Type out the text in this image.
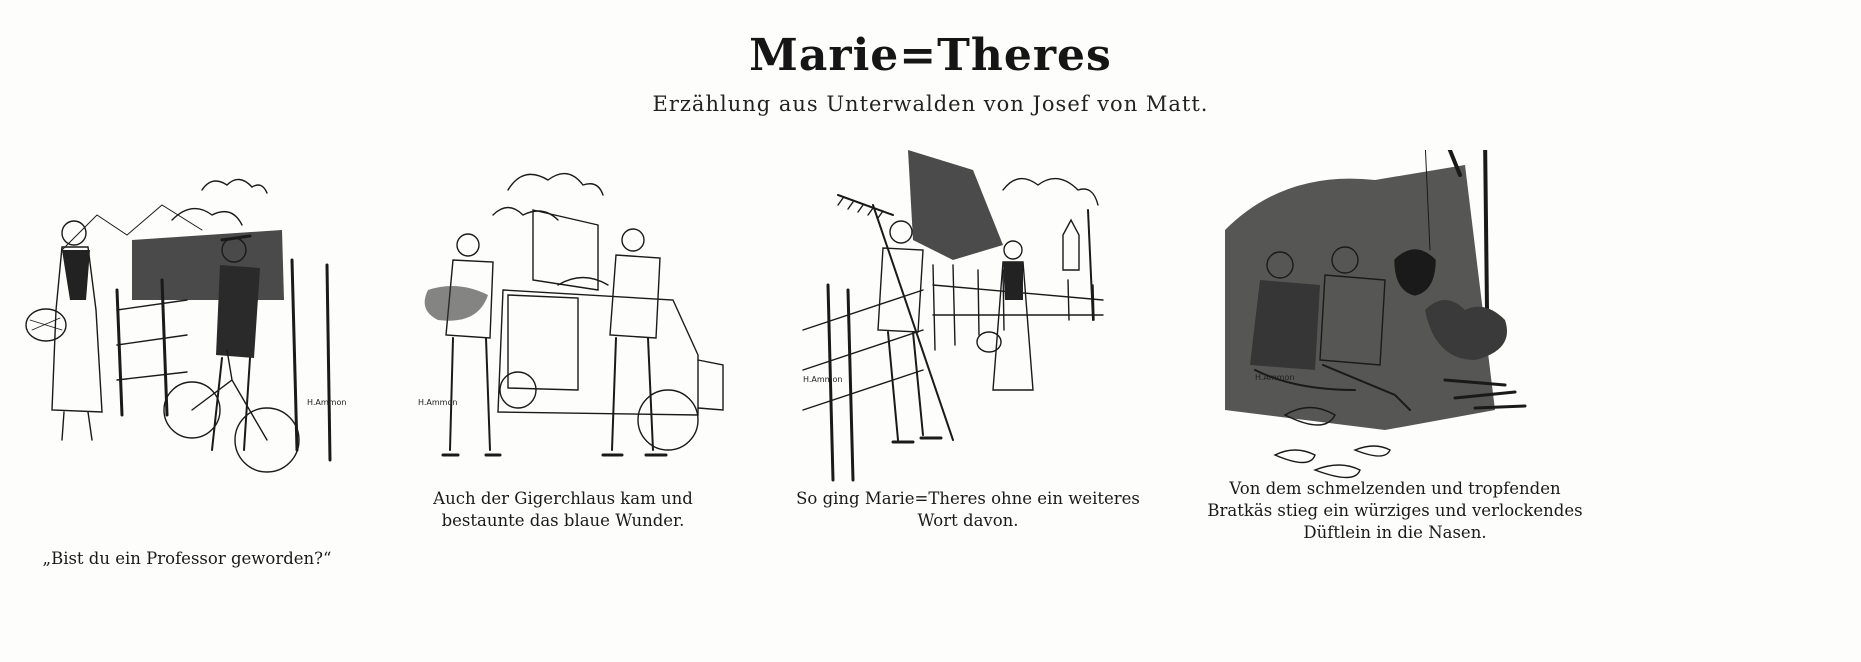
Marie=Theres
Erzählung aus Unterwalden von Josef von Matt.
H.Ammon
„Bist du ein Professor geworden?“
H.Ammon
Auch der Gigerchlaus kam und bestaunte das blaue Wunder.
H.Ammon
So ging Marie=Theres ohne ein weiteres Wort davon.
H.Ammon
Von dem schmelzenden und tropfenden Bratkäs stieg ein würziges und verlockendes Düftlein in die Nasen.
